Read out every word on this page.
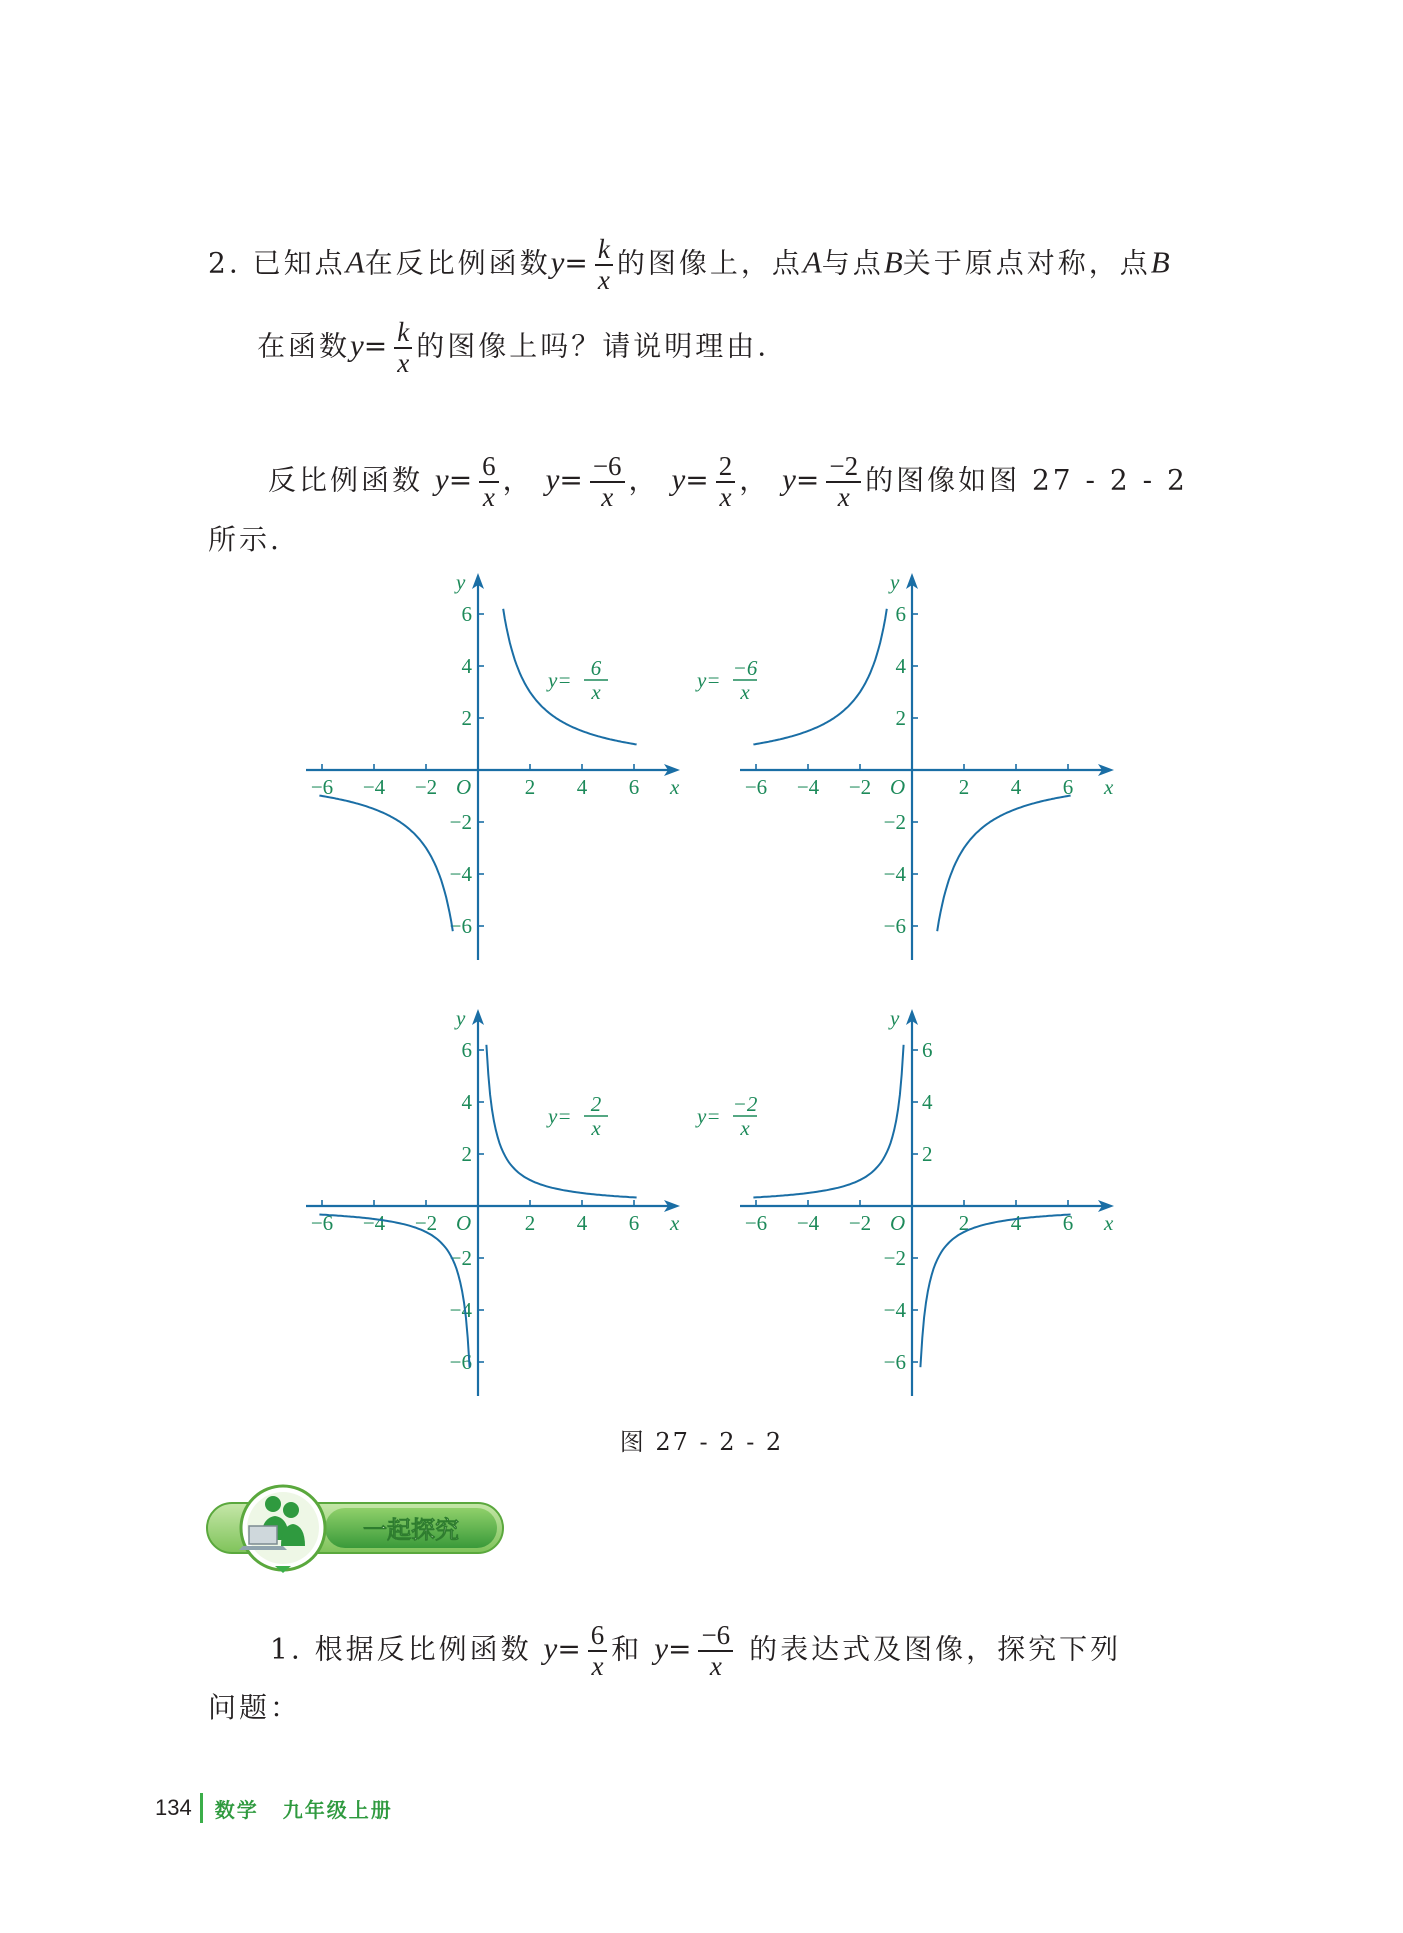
2. 已知点A在反比例函数$y= \frac{k}{x}$ 的图像上，点A与点B关于原点对称，点B
在函数$y= \frac{k}{x}$ 的图像上吗？请说明理由.
反比例函数 $y= \frac{6}{x}$ ， $y= \frac{-6}{x}$ ， $y= \frac{2}{x}$ ， $y= \frac{-2}{x}$ 的图像如图 27 - 2 - 2
所示.
x
y
O
−6
−6
−4
−4
−2
−2
2
2
4
4
6
6
y= 6
x
x
y
O
−6
−6
−4
−4
−2
−2
2
2
4
4
6
6
y= −6
x
x
y
O
−6
−6
−4
−4
−2
−2
2
2
4
4
6
6
y= 2
x
x
y
O
−6
−6
−4
−4
−2
−2
2
2
4
4
6
6
y= −2
x
图 27 - 2 - 2
一起探究
1. 根据反比例函数 $y= \frac{6}{x}$ 和 $y= \frac{-6}{x}$ 的表达式及图像，探究下列
问题：
134 数学 九年级上册
